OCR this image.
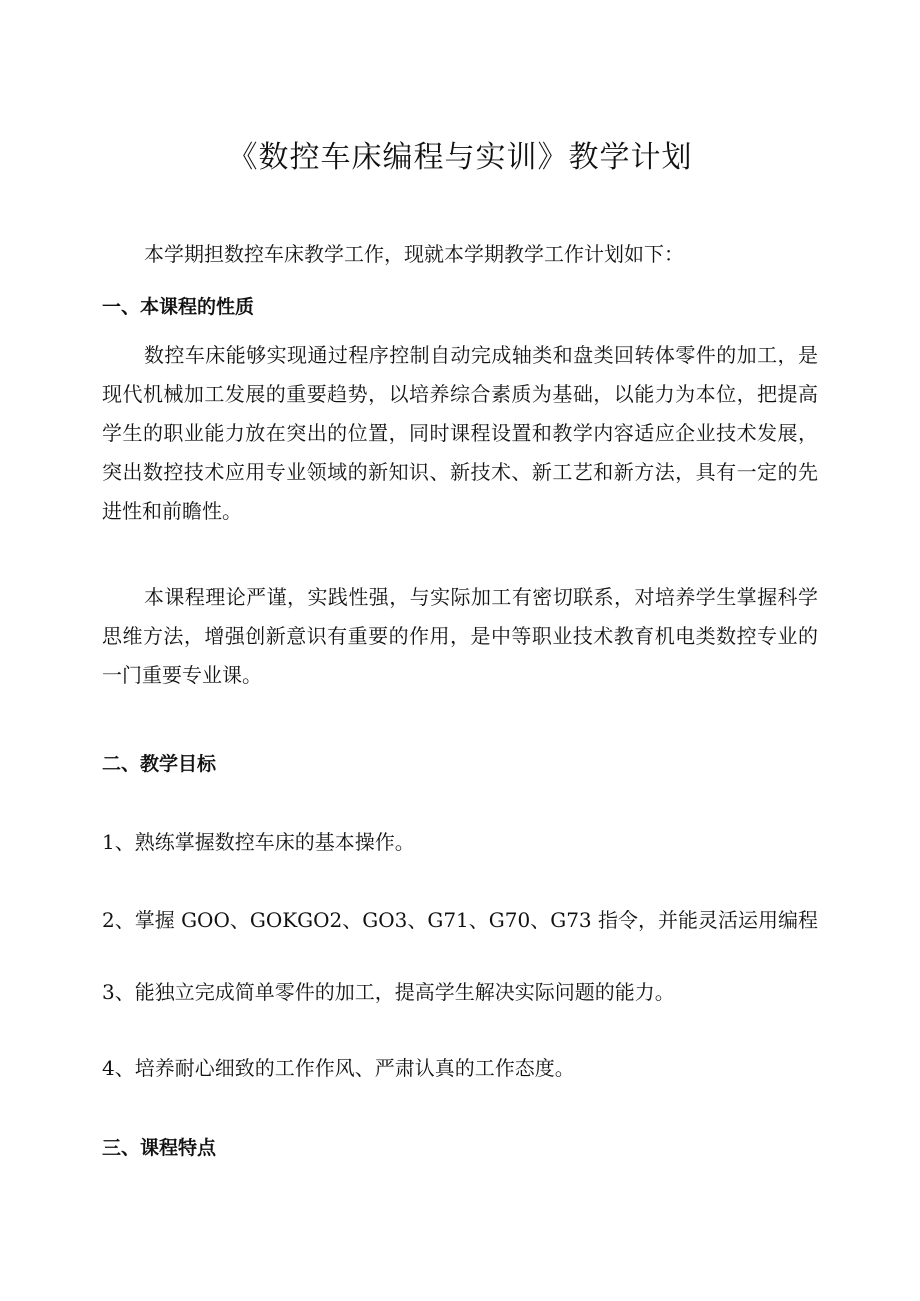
《数控车床编程与实训》教学计划
本学期担数控车床教学工作，现就本学期教学工作计划如下：
一、本课程的性质
数控车床能够实现通过程序控制自动完成轴类和盘类回转体零件的加工，是现代机械加工发展的重要趋势，以培养综合素质为基础，以能力为本位，把提高学生的职业能力放在突出的位置，同时课程设置和教学内容适应企业技术发展，突出数控技术应用专业领域的新知识、新技术、新工艺和新方法，具有一定的先进性和前瞻性。
本课程理论严谨，实践性强，与实际加工有密切联系，对培养学生掌握科学思维方法，增强创新意识有重要的作用，是中等职业技术教育机电类数控专业的一门重要专业课。
二、教学目标
1、熟练掌握数控车床的基本操作。
2、掌握 GOO、GOKGO2、GO3、G71、G70、G73 指令，并能灵活运用编程
3、能独立完成简单零件的加工，提高学生解决实际问题的能力。
4、培养耐心细致的工作作风、严肃认真的工作态度。
三、课程特点
